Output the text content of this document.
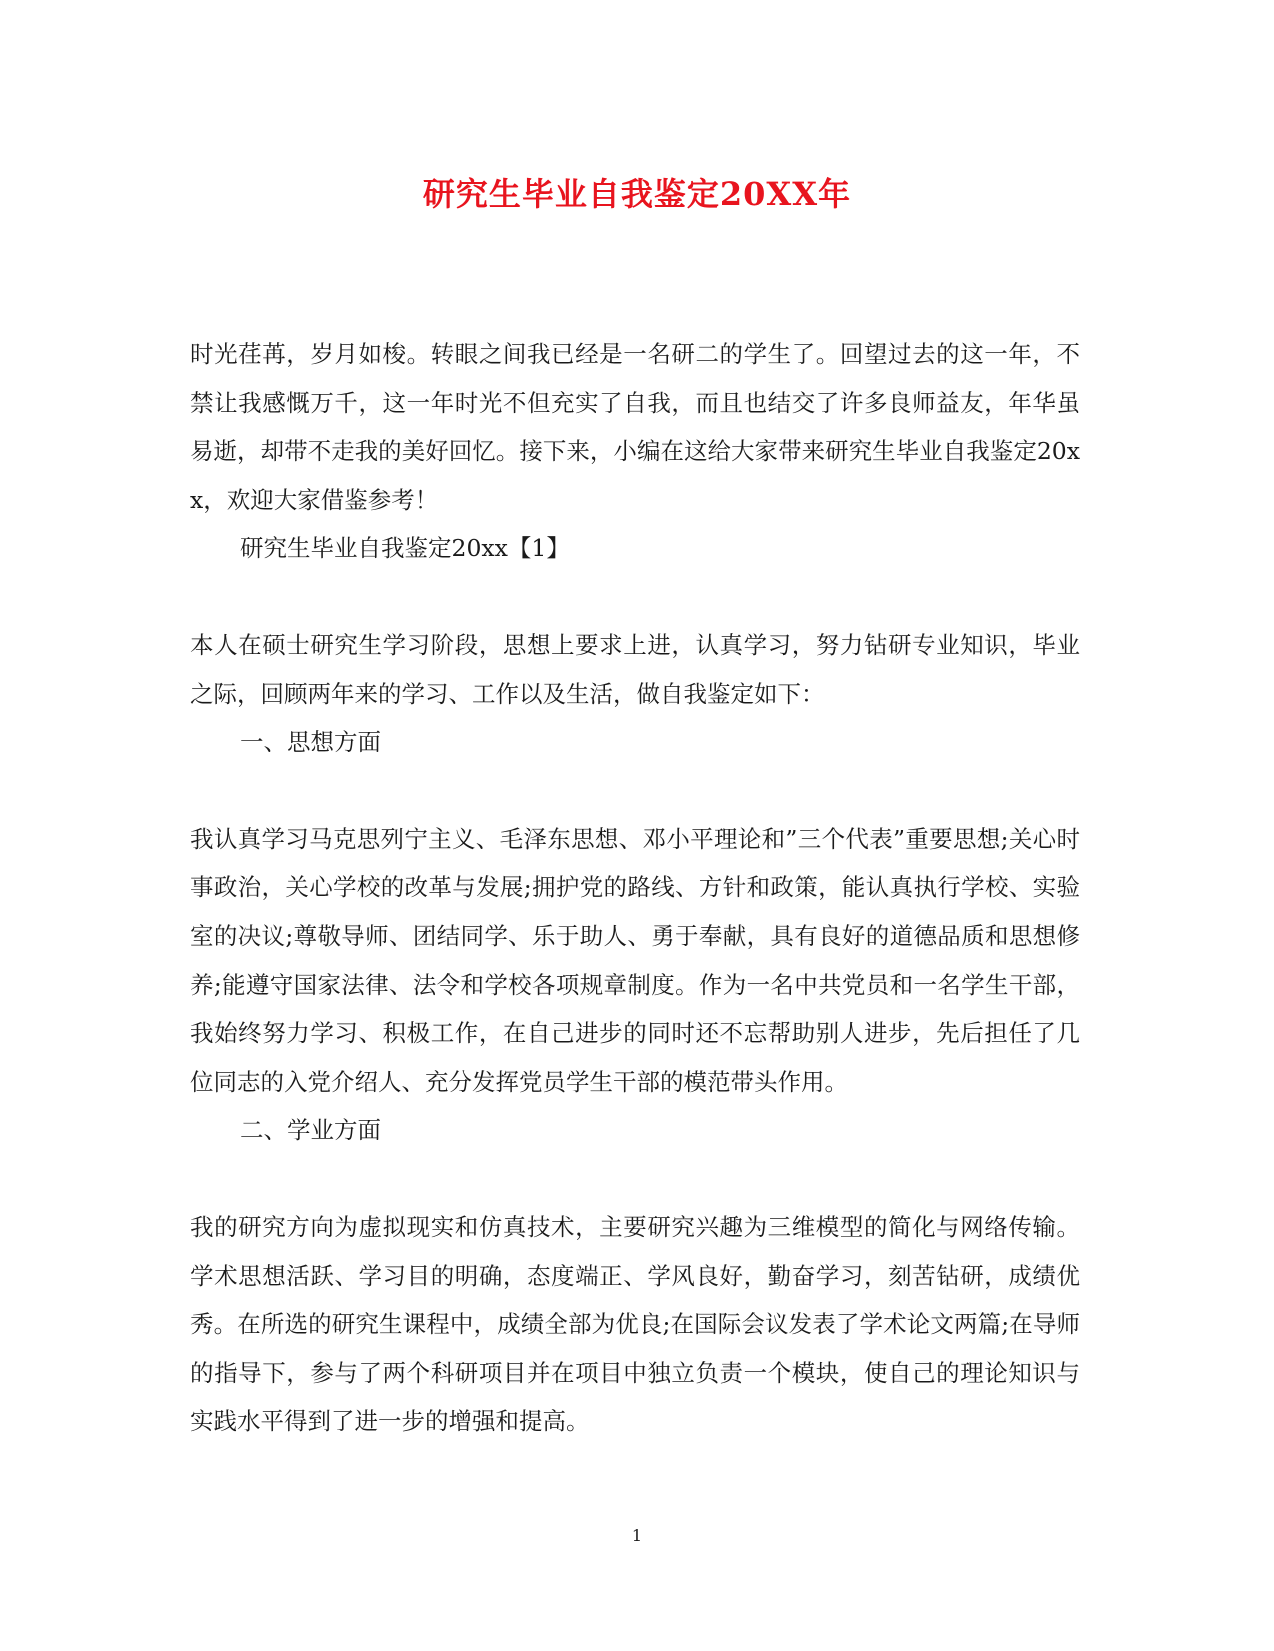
研究生毕业自我鉴定20XX年

时光荏苒，岁月如梭。转眼之间我已经是一名研二的学生了。回望过去的这一年，不禁让我感慨万千，这一年时光不但充实了自我，而且也结交了许多良师益友，年华虽易逝，却带不走我的美好回忆。接下来，小编在这给大家带来研究生毕业自我鉴定20xx，欢迎大家借鉴参考！

研究生毕业自我鉴定20xx【1】

本人在硕士研究生学习阶段，思想上要求上进，认真学习，努力钻研专业知识，毕业之际，回顾两年来的学习、工作以及生活，做自我鉴定如下：

一、思想方面

我认真学习马克思列宁主义、毛泽东思想、邓小平理论和”三个代表”重要思想;关心时事政治，关心学校的改革与发展;拥护党的路线、方针和政策，能认真执行学校、实验室的决议;尊敬导师、团结同学、乐于助人、勇于奉献，具有良好的道德品质和思想修养;能遵守国家法律、法令和学校各项规章制度。作为一名中共党员和一名学生干部，我始终努力学习、积极工作，在自己进步的同时还不忘帮助别人进步，先后担任了几位同志的入党介绍人、充分发挥党员学生干部的模范带头作用。

二、学业方面

我的研究方向为虚拟现实和仿真技术，主要研究兴趣为三维模型的简化与网络传输。学术思想活跃、学习目的明确，态度端正、学风良好，勤奋学习，刻苦钻研，成绩优秀。在所选的研究生课程中，成绩全部为优良;在国际会议发表了学术论文两篇;在导师的指导下，参与了两个科研项目并在项目中独立负责一个模块，使自己的理论知识与实践水平得到了进一步的增强和提高。

1
